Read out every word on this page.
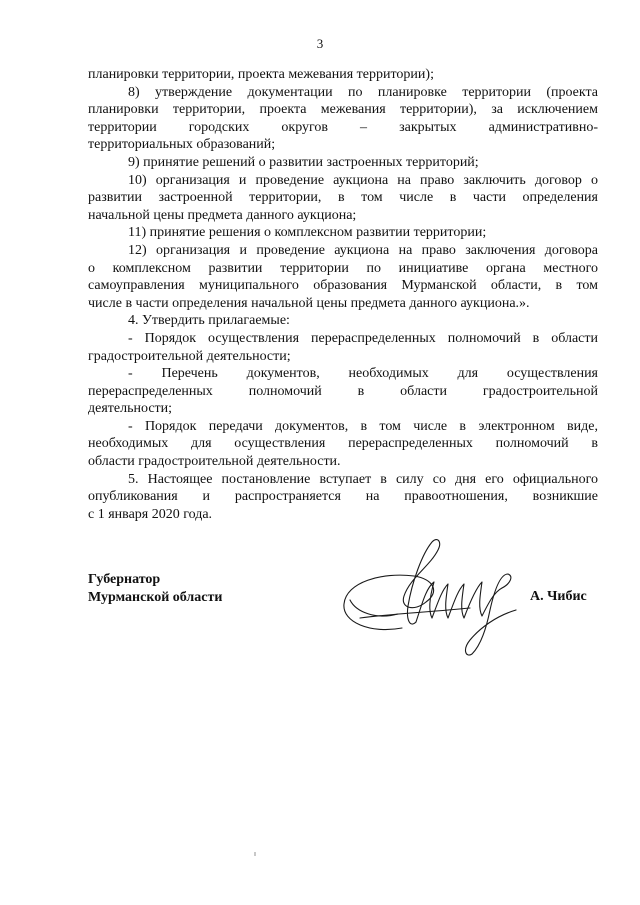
3
планировки территории, проекта межевания территории);
8) утверждение документации по планировке территории (проекта
планировки территории, проекта межевания территории), за исключением
территории городских округов – закрытых административно-
территориальных образований;
9) принятие решений о развитии застроенных территорий;
10) организация и проведение аукциона на право заключить договор о
развитии застроенной территории, в том числе в части определения
начальной цены предмета данного аукциона;
11) принятие решения о комплексном развитии территории;
12) организация и проведение аукциона на право заключения договора
о комплексном развитии территории по инициативе органа местного
самоуправления муниципального образования Мурманской области, в том
числе в части определения начальной цены предмета данного аукциона.».
4. Утвердить прилагаемые:
- Порядок осуществления перераспределенных полномочий в области
градостроительной деятельности;
- Перечень документов, необходимых для осуществления
перераспределенных полномочий в области градостроительной
деятельности;
- Порядок передачи документов, в том числе в электронном виде,
необходимых для осуществления перераспределенных полномочий в
области градостроительной деятельности.
5. Настоящее постановление вступает в силу со дня его официального
опубликования и распространяется на правоотношения, возникшие
с 1 января 2020 года.
Губернатор
Мурманской области	А. Чибис
